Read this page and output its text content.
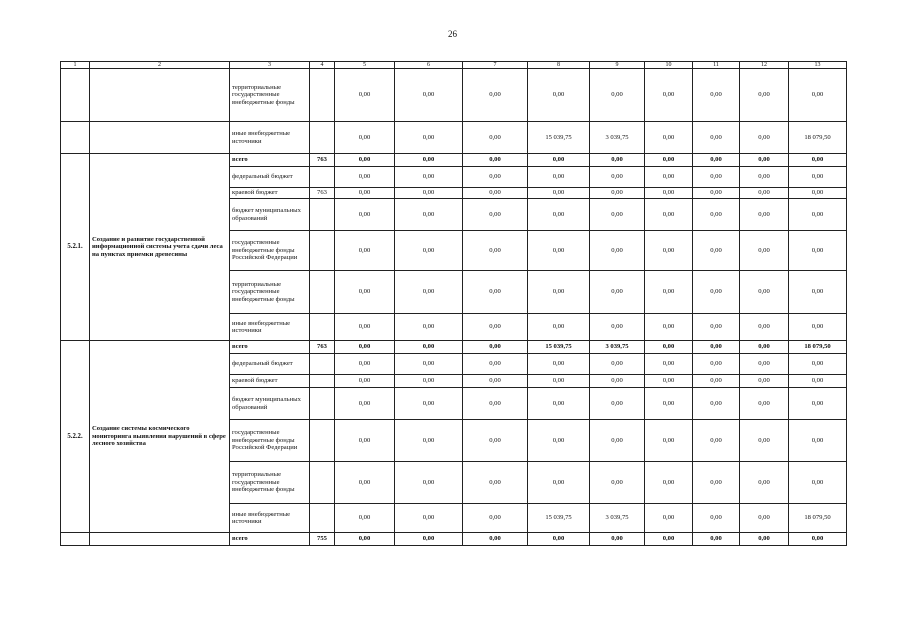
26
1	2	3	4	5	6	7	8	9	10	11	12	13
		территориальные государственные внебюджетные фонды		0,00	0,00	0,00	0,00	0,00	0,00	0,00	0,00	0,00
		иные внебюджетные источники		0,00	0,00	0,00	15 039,75	3 039,75	0,00	0,00	0,00	18 079,50
5.2.1.	Создание и развитие государственной информационной системы учета сдачи леса на пунктах приемки древесины	всего	763	0,00	0,00	0,00	0,00	0,00	0,00	0,00	0,00	0,00
		федеральный бюджет		0,00	0,00	0,00	0,00	0,00	0,00	0,00	0,00	0,00
		краевой бюджет	763	0,00	0,00	0,00	0,00	0,00	0,00	0,00	0,00	0,00
		бюджет муниципальных образований		0,00	0,00	0,00	0,00	0,00	0,00	0,00	0,00	0,00
		государственные внебюджетные фонды Российской Федерации		0,00	0,00	0,00	0,00	0,00	0,00	0,00	0,00	0,00
		территориальные государственные внебюджетные фонды		0,00	0,00	0,00	0,00	0,00	0,00	0,00	0,00	0,00
		иные внебюджетные источники		0,00	0,00	0,00	0,00	0,00	0,00	0,00	0,00	0,00
5.2.2.	Создание системы космического мониторинга выявления нарушений в сфере лесного хозяйства	всего	763	0,00	0,00	0,00	15 039,75	3 039,75	0,00	0,00	0,00	18 079,50
		федеральный бюджет		0,00	0,00	0,00	0,00	0,00	0,00	0,00	0,00	0,00
		краевой бюджет		0,00	0,00	0,00	0,00	0,00	0,00	0,00	0,00	0,00
		бюджет муниципальных образований		0,00	0,00	0,00	0,00	0,00	0,00	0,00	0,00	0,00
		государственные внебюджетные фонды Российской Федерации		0,00	0,00	0,00	0,00	0,00	0,00	0,00	0,00	0,00
		территориальные государственные внебюджетные фонды		0,00	0,00	0,00	0,00	0,00	0,00	0,00	0,00	0,00
		иные внебюджетные источники		0,00	0,00	0,00	15 039,75	3 039,75	0,00	0,00	0,00	18 079,50
		всего	755	0,00	0,00	0,00	0,00	0,00	0,00	0,00	0,00	0,00
